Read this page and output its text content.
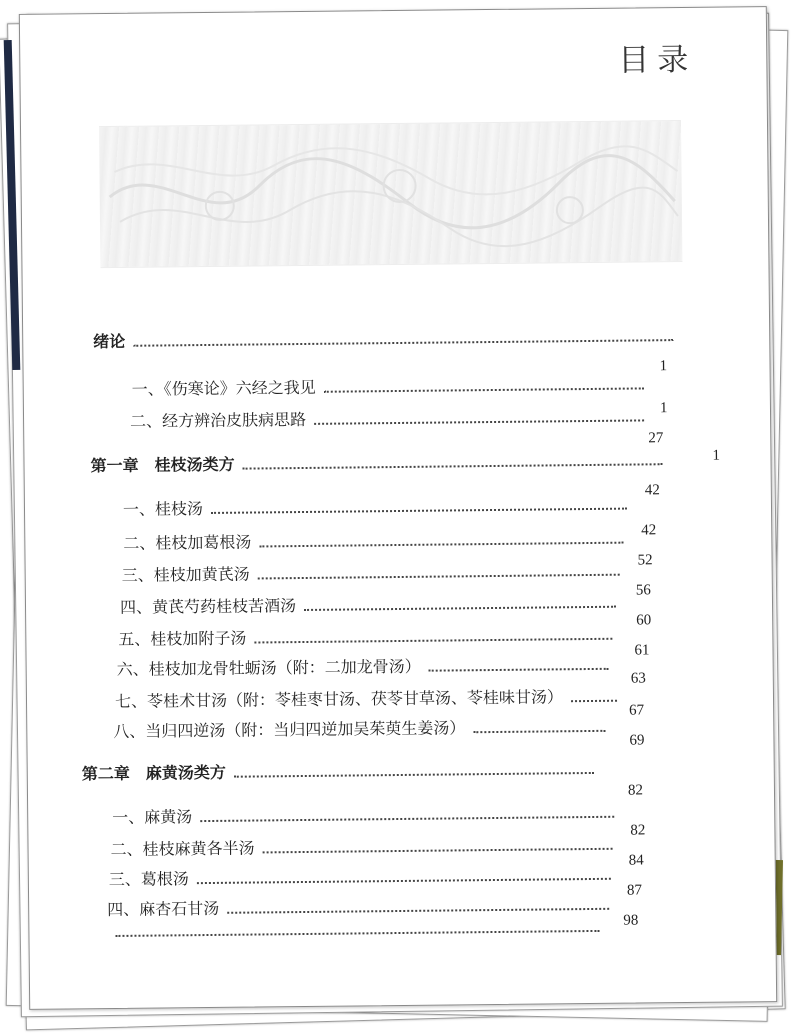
目录
绪论
1
一、《伤寒论》六经之我见
1
二、经方辨治皮肤病思路
27
第一章　桂枝汤类方	1
一、桂枝汤
42
二、桂枝加葛根汤
42
三、桂枝加黄芪汤
52
四、黄芪芍药桂枝苦酒汤
56
五、桂枝加附子汤
60
六、桂枝加龙骨牡蛎汤（附：二加龙骨汤）
61
七、苓桂术甘汤（附：苓桂枣甘汤、茯苓甘草汤、苓桂味甘汤）
63
八、当归四逆汤（附：当归四逆加吴茱萸生姜汤）
67
第二章　麻黄汤类方
69
一、麻黄汤
82
二、桂枝麻黄各半汤
82
三、葛根汤
84
四、麻杏石甘汤
87
98
